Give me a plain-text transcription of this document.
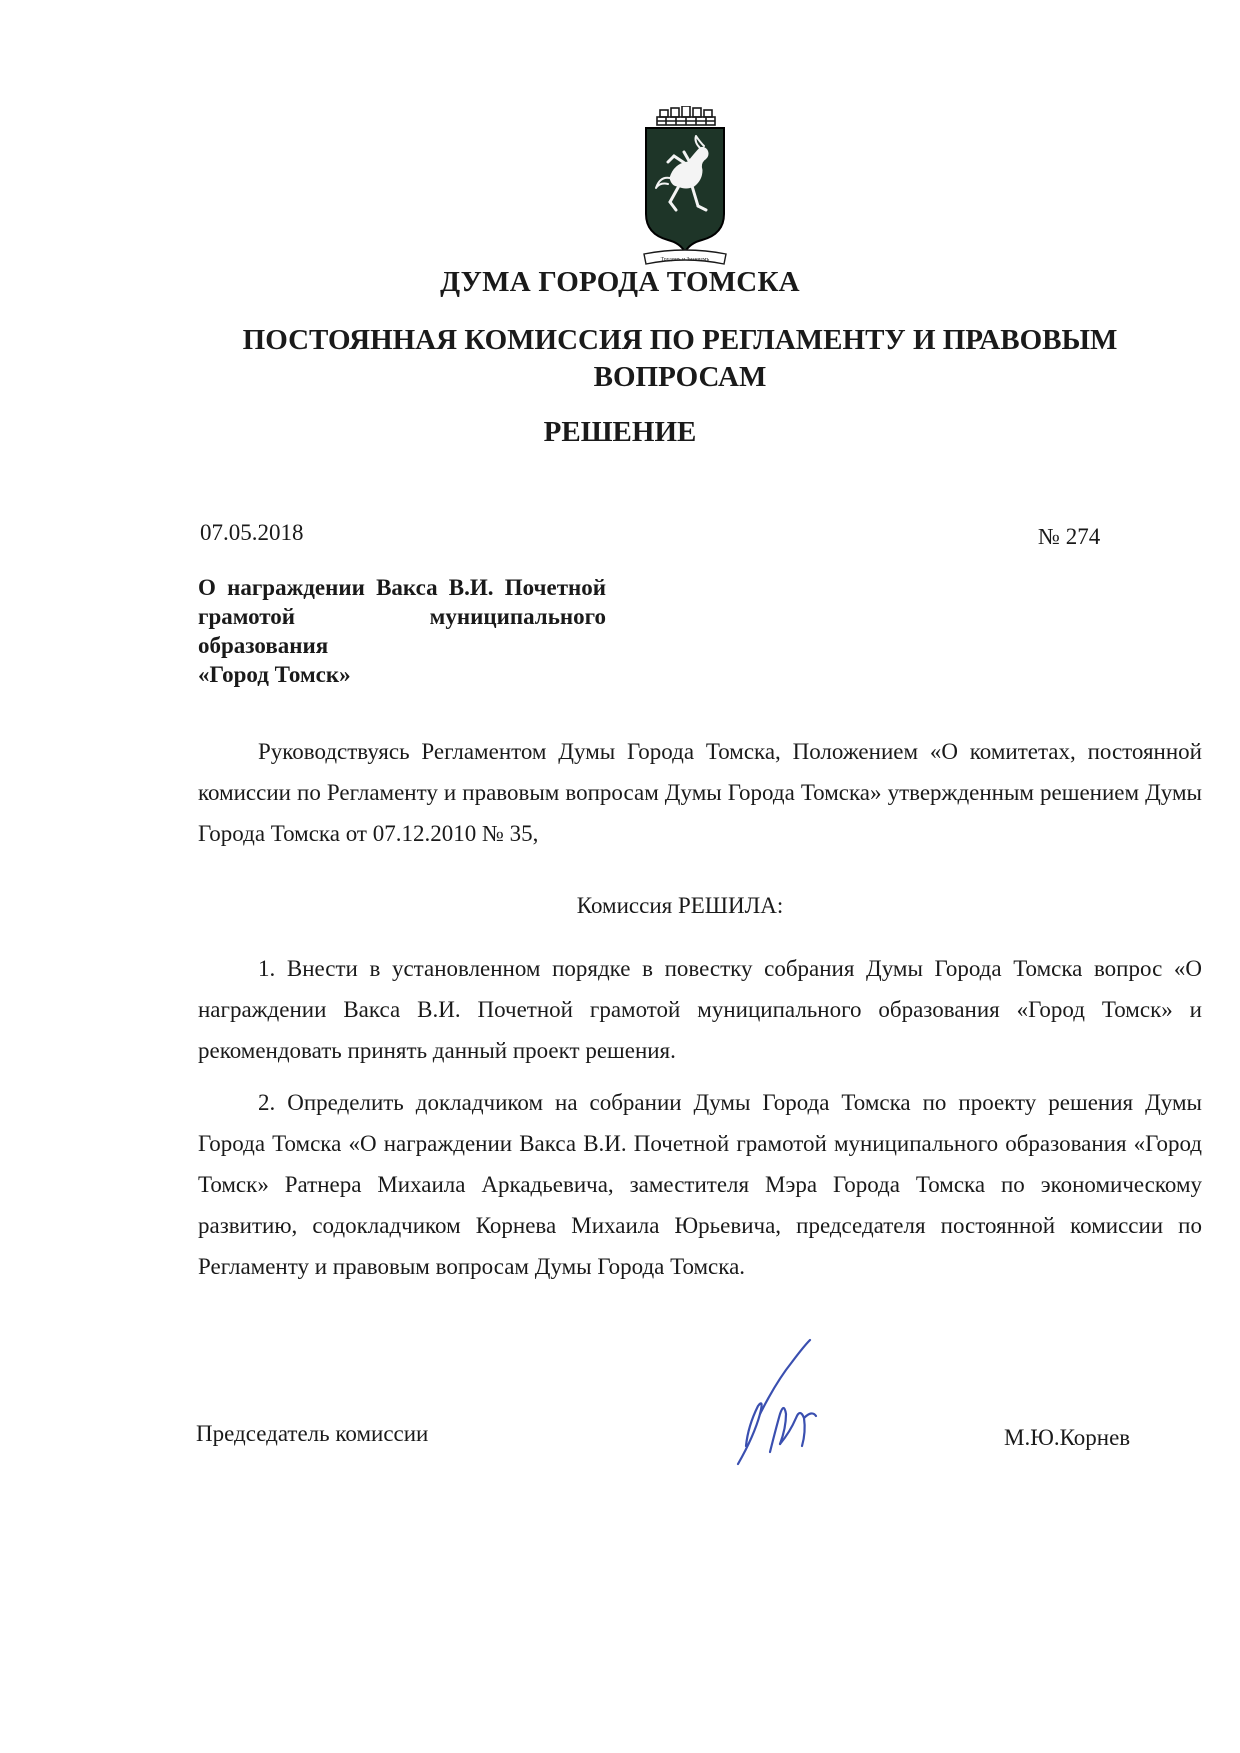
Трудомъ и Знаниемъ
ДУМА ГОРОДА ТОМСКА
ПОСТОЯННАЯ КОМИССИЯ ПО РЕГЛАМЕНТУ И ПРАВОВЫМ ВОПРОСАМ
РЕШЕНИЕ
07.05.2018	№ 274

О награждении Вакса В.И. Почетной грамотой муниципального образования
«Город Томск»

Руководствуясь Регламентом Думы Города Томска, Положением «О комитетах, постоянной комиссии по Регламенту и правовым вопросам Думы Города Томска» утвержденным решением Думы Города Томска от 07.12.2010 № 35,

Комиссия РЕШИЛА:

1. Внести в установленном порядке в повестку собрания Думы Города Томска вопрос «О награждении Вакса В.И. Почетной грамотой муниципального образования «Город Томск» и рекомендовать принять данный проект решения.

2. Определить докладчиком на собрании Думы Города Томска по проекту решения Думы Города Томска «О награждении Вакса В.И. Почетной грамотой муниципального образования «Город Томск» Ратнера Михаила Аркадьевича, заместителя Мэра Города Томска по экономическому развитию, содокладчиком Корнева Михаила Юрьевича, председателя постоянной комиссии по Регламенту и правовым вопросам Думы Города Томска.

Председатель комиссии	М.Ю.Корнев
